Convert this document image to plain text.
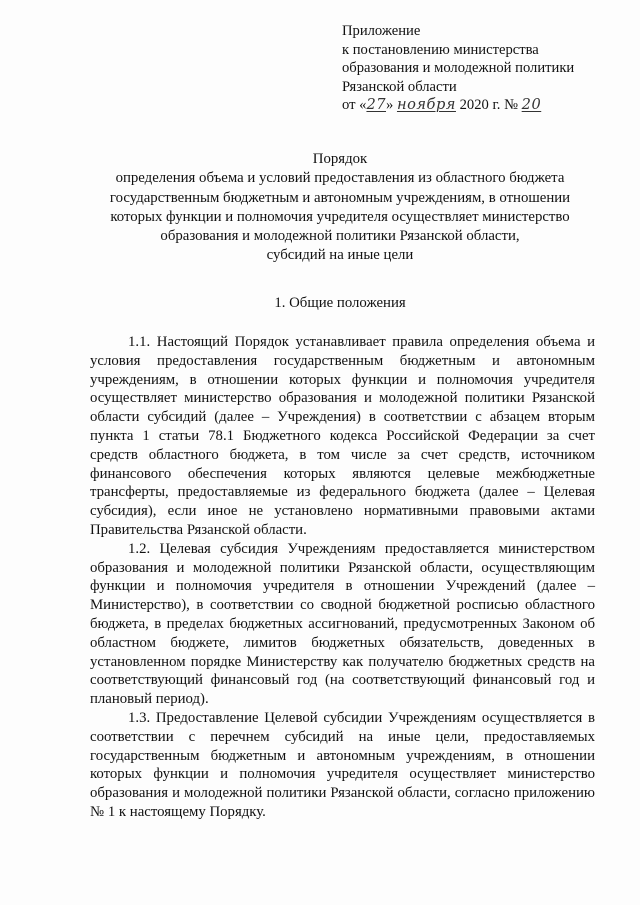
Приложение
к постановлению министерства
образования и молодежной политики
Рязанской области
от «27» ноября 2020 г. № 20
Порядок
определения объема и условий предоставления из областного бюджета
государственным бюджетным и автономным учреждениям, в отношении
которых функции и полномочия учредителя осуществляет министерство
образования и молодежной политики Рязанской области,
субсидий на иные цели
1. Общие положения

1.1. Настоящий Порядок устанавливает правила определения объема и условия предоставления государственным бюджетным и автономным учреждениям, в отношении которых функции и полномочия учредителя осуществляет министерство образования и молодежной политики Рязанской области субсидий (далее – Учреждения) в соответствии с абзацем вторым пункта 1 статьи 78.1 Бюджетного кодекса Российской Федерации за счет средств областного бюджета, в том числе за счет средств, источником финансового обеспечения которых являются целевые межбюджетные трансферты, предоставляемые из федерального бюджета (далее – Целевая субсидия), если иное не установлено нормативными правовыми актами Правительства Рязанской области.

1.2. Целевая субсидия Учреждениям предоставляется министерством образования и молодежной политики Рязанской области, осуществляющим функции и полномочия учредителя в отношении Учреждений (далее – Министерство), в соответствии со сводной бюджетной росписью областного бюджета, в пределах бюджетных ассигнований, предусмотренных Законом об областном бюджете, лимитов бюджетных обязательств, доведенных в установленном порядке Министерству как получателю бюджетных средств на соответствующий финансовый год (на соответствующий финансовый год и плановый период).

1.3. Предоставление Целевой субсидии Учреждениям осуществляется в соответствии с перечнем субсидий на иные цели, предоставляемых государственным бюджетным и автономным учреждениям, в отношении которых функции и полномочия учредителя осуществляет министерство образования и молодежной политики Рязанской области, согласно приложению № 1 к настоящему Порядку.
